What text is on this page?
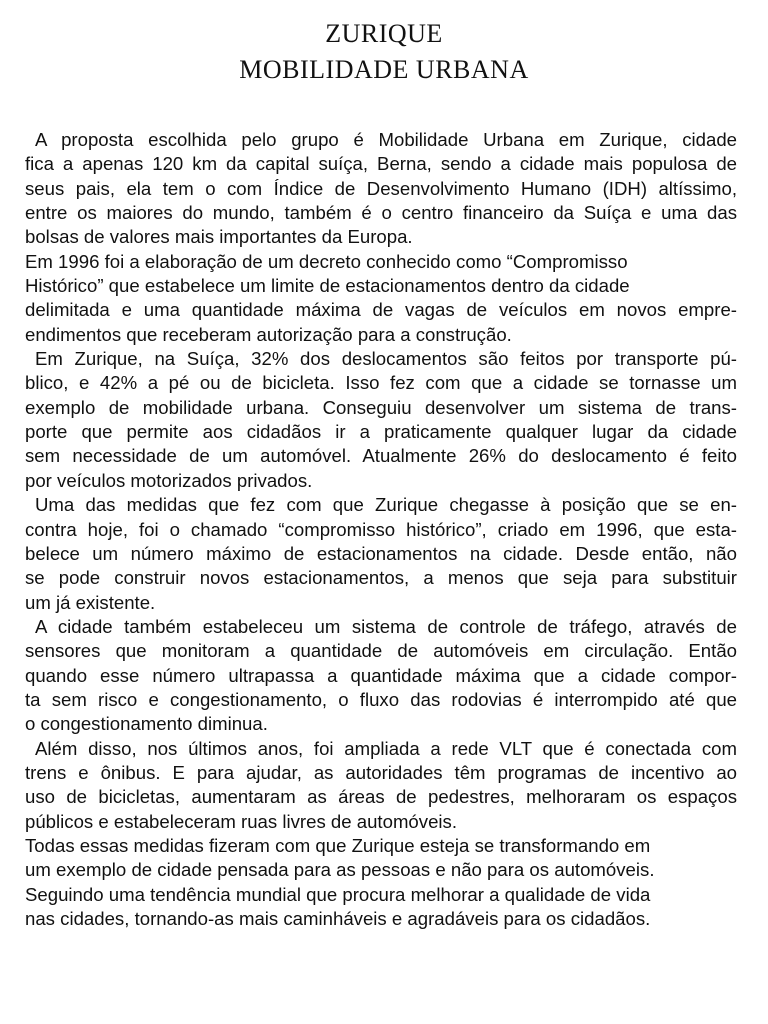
ZURIQUE
MOBILIDADE URBANA
A proposta escolhida pelo grupo é Mobilidade Urbana em Zurique, cidade
fica a apenas 120 km da capital suíça, Berna, sendo a cidade mais populosa de
seus pais, ela tem o com Índice de Desenvolvimento Humano (IDH) altíssimo,
entre os maiores do mundo, também é o centro financeiro da Suíça e uma das
bolsas de valores mais importantes da Europa.
Em 1996 foi a elaboração de um decreto conhecido como “Compromisso
Histórico” que estabelece um limite de estacionamentos dentro da cidade
delimitada e uma quantidade máxima de vagas de veículos em novos empre-
endimentos que receberam autorização para a construção.
Em Zurique, na Suíça, 32% dos deslocamentos são feitos por transporte pú-
blico, e 42% a pé ou de bicicleta. Isso fez com que a cidade se tornasse um
exemplo de mobilidade urbana. Conseguiu desenvolver um sistema de trans-
porte que permite aos cidadãos ir a praticamente qualquer lugar da cidade
sem necessidade de um automóvel. Atualmente 26% do deslocamento é feito
por veículos motorizados privados.
Uma das medidas que fez com que Zurique chegasse à posição que se en-
contra hoje, foi o chamado “compromisso histórico”, criado em 1996, que esta-
belece um número máximo de estacionamentos na cidade. Desde então, não
se pode construir novos estacionamentos, a menos que seja para substituir
um já existente.
A cidade também estabeleceu um sistema de controle de tráfego, através de
sensores que monitoram a quantidade de automóveis em circulação. Então
quando esse número ultrapassa a quantidade máxima que a cidade compor-
ta sem risco e congestionamento, o fluxo das rodovias é interrompido até que
o congestionamento diminua.
Além disso, nos últimos anos, foi ampliada a rede VLT que é conectada com
trens e ônibus. E para ajudar, as autoridades têm programas de incentivo ao
uso de bicicletas, aumentaram as áreas de pedestres, melhoraram os espaços
públicos e estabeleceram ruas livres de automóveis.
Todas essas medidas fizeram com que Zurique esteja se transformando em
um exemplo de cidade pensada para as pessoas e não para os automóveis.
Seguindo uma tendência mundial que procura melhorar a qualidade de vida
nas cidades, tornando-as mais caminháveis e agradáveis para os cidadãos.
